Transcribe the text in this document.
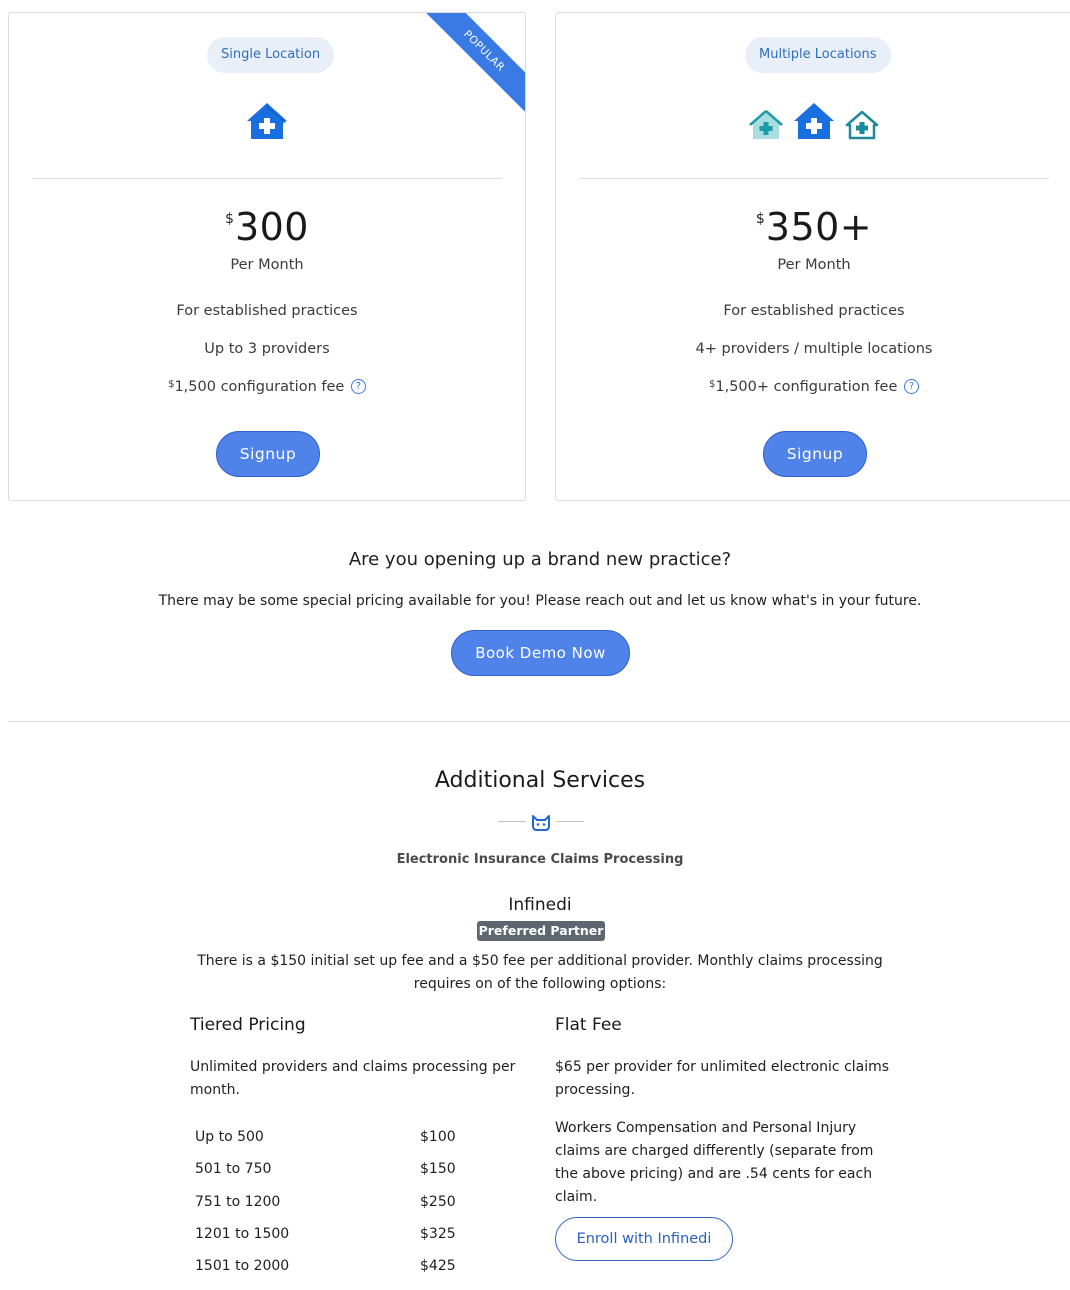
Single Location	POPULAR
$300
Per Month
For established practices
Up to 3 providers
$1,500 configuration fee ?
Signup
Multiple Locations
$350+
Per Month
For established practices
4+ providers / multiple locations
$1,500+ configuration fee ?
Signup
Are you opening up a brand new practice?
There may be some special pricing available for you! Please reach out and let us know what's in your future.
Book Demo Now
Additional Services
Electronic Insurance Claims Processing
Infinedi
Preferred Partner
There is a $150 initial set up fee and a $50 fee per additional provider. Monthly claims processing requires on of the following options:
Tiered Pricing
Unlimited providers and claims processing per month.
Up to 500	$100
501 to 750	$150
751 to 1200	$250
1201 to 1500	$325
1501 to 2000	$425
Flat Fee
$65 per provider for unlimited electronic claims processing.
Workers Compensation and Personal Injury claims are charged differently (separate from the above pricing) and are .54 cents for each claim.
Enroll with Infinedi
